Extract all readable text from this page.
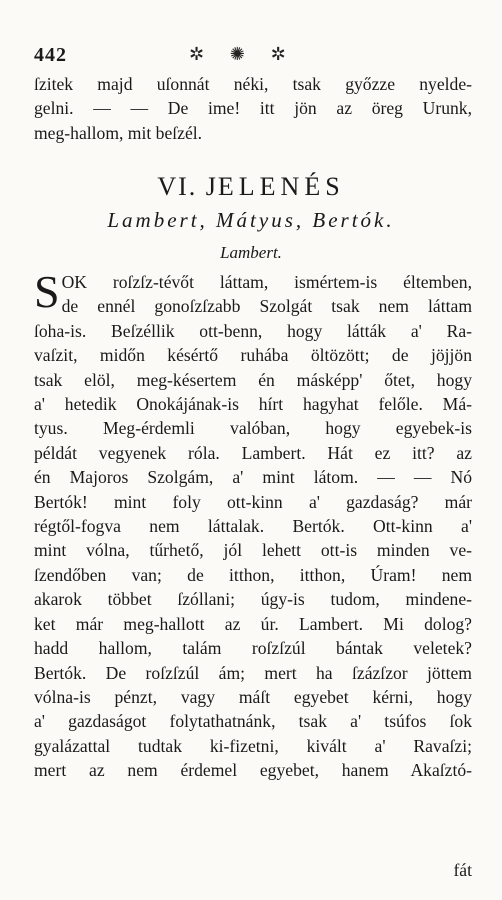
442	✲ ✺ ✲
ſzitek majd uſonnát néki, tsak győzze nyelde-
gelni. — — De ime! itt jön az öreg Urunk,
meg-hallom, mit beſzél.
VI. JELENÉS
Lambert, Mátyus, Bertók.
Lambert.
S OK roſzſz-tévőt láttam, ismértem-is éltemben,
de ennél gonoſzſzabb Szolgát tsak nem láttam
ſoha-is. Beſzéllik ott-benn, hogy látták a' Ra-
vaſzit, midőn késértő ruhába öltözött; de jöjjön
tsak elöl, meg-késertem én másképp' őtet, hogy
a' hetedik Onokájának-is hírt hagyhat felőle. Má-
tyus. Meg-érdemli valóban, hogy egyebek-is
példát vegyenek róla. Lambert. Hát ez itt? az
én Majoros Szolgám, a' mint látom. — — Nó
Bertók! mint foly ott-kinn a' gazdaság? már
régtől-fogva nem láttalak. Bertók. Ott-kinn a'
mint vólna, tűrhető, jól lehett ott-is minden ve-
ſzendőben van; de itthon, itthon, Úram! nem
akarok többet ſzóllani; úgy-is tudom, mindene-
ket már meg-hallott az úr. Lambert. Mi dolog?
hadd hallom, talám roſzſzúl bántak veletek?
Bertók. De roſzſzúl ám; mert ha ſzázſzor jöttem
vólna-is pénzt, vagy máſt egyebet kérni, hogy
a' gazdaságot folytathatnánk, tsak a' tsúfos ſok
gyalázattal tudtak ki-fizetni, kivált a' Ravaſzi;
mert az nem érdemel egyebet, hanem Akaſztó-
fát
